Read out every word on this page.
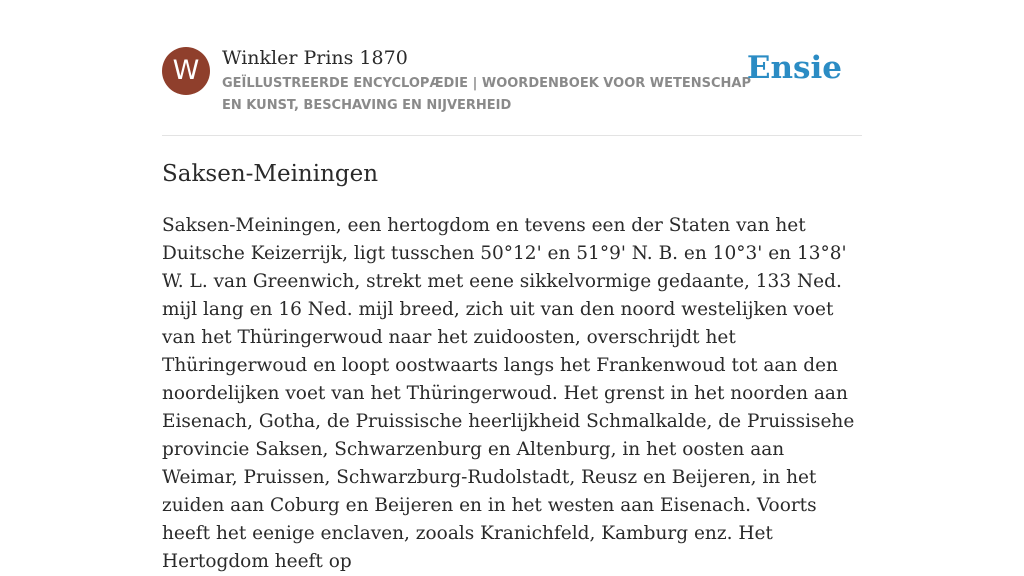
W	Winkler Prins 1870
GEÏLLUSTREERDE ENCYCLOPÆDIE | WOORDENBOEK VOOR WETENSCHAP EN KUNST, BESCHAVING EN NIJVERHEID
Ensie
Saksen-Meiningen

Saksen-Meiningen, een hertogdom en tevens een der Staten van het Duitsche Keizerrijk, ligt tusschen 50°12' en 51°9' N. B. en 10°3' en 13°8' W. L. van Greenwich, strekt met eene sikkelvormige gedaante, 133 Ned. mijl lang en 16 Ned. mijl breed, zich uit van den noord westelijken voet van het Thüringerwoud naar het zuidoosten, overschrijdt het Thüringerwoud en loopt oostwaarts langs het Frankenwoud tot aan den noordelijken voet van het Thüringerwoud. Het grenst in het noorden aan Eisenach, Gotha, de Pruissische heerlijkheid Schmalkalde, de Pruissisehe provincie Saksen, Schwarzenburg en Altenburg, in het oosten aan Weimar, Pruissen, Schwarzburg-Rudolstadt, Reusz en Beijeren, in het zuiden aan Coburg en Beijeren en in het westen aan Eisenach. Voorts heeft het eenige enclaven, zooals Kranichfeld, Kamburg enz. Het Hertogdom heeft op
